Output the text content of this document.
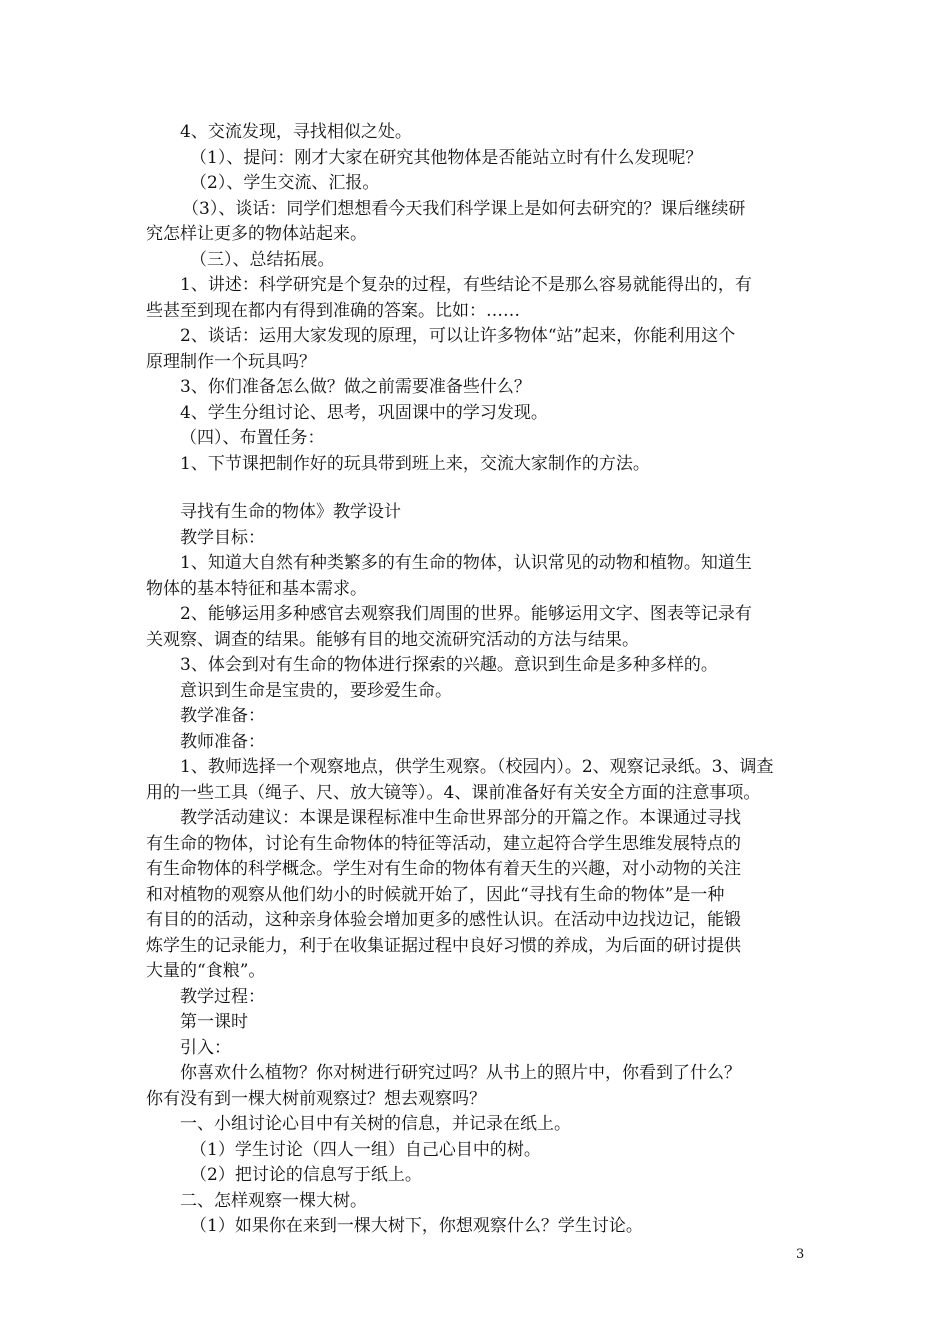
4、交流发现，寻找相似之处。
（1）、提问：刚才大家在研究其他物体是否能站立时有什么发现呢？
（2）、学生交流、汇报。
（3）、谈话：同学们想想看今天我们科学课上是如何去研究的？课后继续研
究怎样让更多的物体站起来。
（三）、总结拓展。
1、讲述：科学研究是个复杂的过程，有些结论不是那么容易就能得出的，有
些甚至到现在都内有得到准确的答案。比如：……
2、谈话：运用大家发现的原理，可以让许多物体“站”起来，你能利用这个
原理制作一个玩具吗？
3、你们准备怎么做？做之前需要准备些什么？
4、学生分组讨论、思考，巩固课中的学习发现。
（四）、布置任务：
1、下节课把制作好的玩具带到班上来，交流大家制作的方法。
寻找有生命的物体》教学设计
教学目标：
1、知道大自然有种类繁多的有生命的物体，认识常见的动物和植物。知道生
物体的基本特征和基本需求。
2、能够运用多种感官去观察我们周围的世界。能够运用文字、图表等记录有
关观察、调查的结果。能够有目的地交流研究活动的方法与结果。
3、体会到对有生命的物体进行探索的兴趣。意识到生命是多种多样的。
意识到生命是宝贵的，要珍爱生命。
教学准备：
教师准备：
1、教师选择一个观察地点，供学生观察。（校园内）。2、观察记录纸。3、调查
用的一些工具（绳子、尺、放大镜等）。4、课前准备好有关安全方面的注意事项。
教学活动建议：本课是课程标准中生命世界部分的开篇之作。本课通过寻找
有生命的物体，讨论有生命物体的特征等活动，建立起符合学生思维发展特点的
有生命物体的科学概念。学生对有生命的物体有着天生的兴趣，对小动物的关注
和对植物的观察从他们幼小的时候就开始了，因此“寻找有生命的物体”是一种
有目的的活动，这种亲身体验会增加更多的感性认识。在活动中边找边记，能锻
炼学生的记录能力，利于在收集证据过程中良好习惯的养成，为后面的研讨提供
大量的“食粮”。
教学过程：
第一课时
引入：
你喜欢什么植物？你对树进行研究过吗？从书上的照片中，你看到了什么？
你有没有到一棵大树前观察过？想去观察吗？
一、小组讨论心目中有关树的信息，并记录在纸上。
（1）学生讨论（四人一组）自己心目中的树。
（2）把讨论的信息写于纸上。
二、怎样观察一棵大树。
（1）如果你在来到一棵大树下，你想观察什么？学生讨论。
3
